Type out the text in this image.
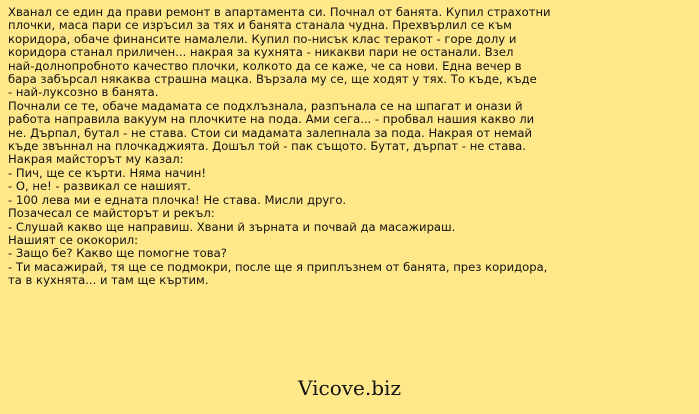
Хванал се един да прави ремонт в апартамента си. Почнал от банята. Купил страхотни
плочки, маса пари се изръсил за тях и банята станала чудна. Прехвърлил се към
коридора, обаче финансите намалели. Купил по-нисък клас теракот - горе долу и
коридора станал приличен... накрая за кухнята - никакви пари не останали. Взел
най-долнопробното качество плочки, колкото да се каже, че са нови. Една вечер в
бара забърсал някаква страшна мацка. Вързала му се, ще ходят у тях. То къде, къде
- най-луксозно в банята.
Почнали се те, обаче мадамата се подхлъзнала, разпънала се на шпагат и онази й
работа направила вакуум на плочките на пода. Ами сега... - пробвал нашия какво ли
не. Дърпал, бутал - не става. Стои си мадамата залепнала за пода. Накрая от немай
къде звъннал на плочкаджията. Дошъл той - пак същото. Бутат, дърпат - не става.
Накрая майсторът му казал:
- Пич, ще се кърти. Няма начин!
- О, не! - развикал се нашият.
- 100 лева ми е едната плочка! Не става. Мисли друго.
Позачесал се майсторът и рекъл:
- Слушай какво ще направиш. Хвани й зърната и почвай да масажираш.
Нашият се ококорил:
- Защо бе? Какво ще помогне това?
- Ти масажирай, тя ще се подмокри, после ще я приплъзнем от банята, през коридора,
та в кухнята... и там ще къртим.
Vicove.biz
